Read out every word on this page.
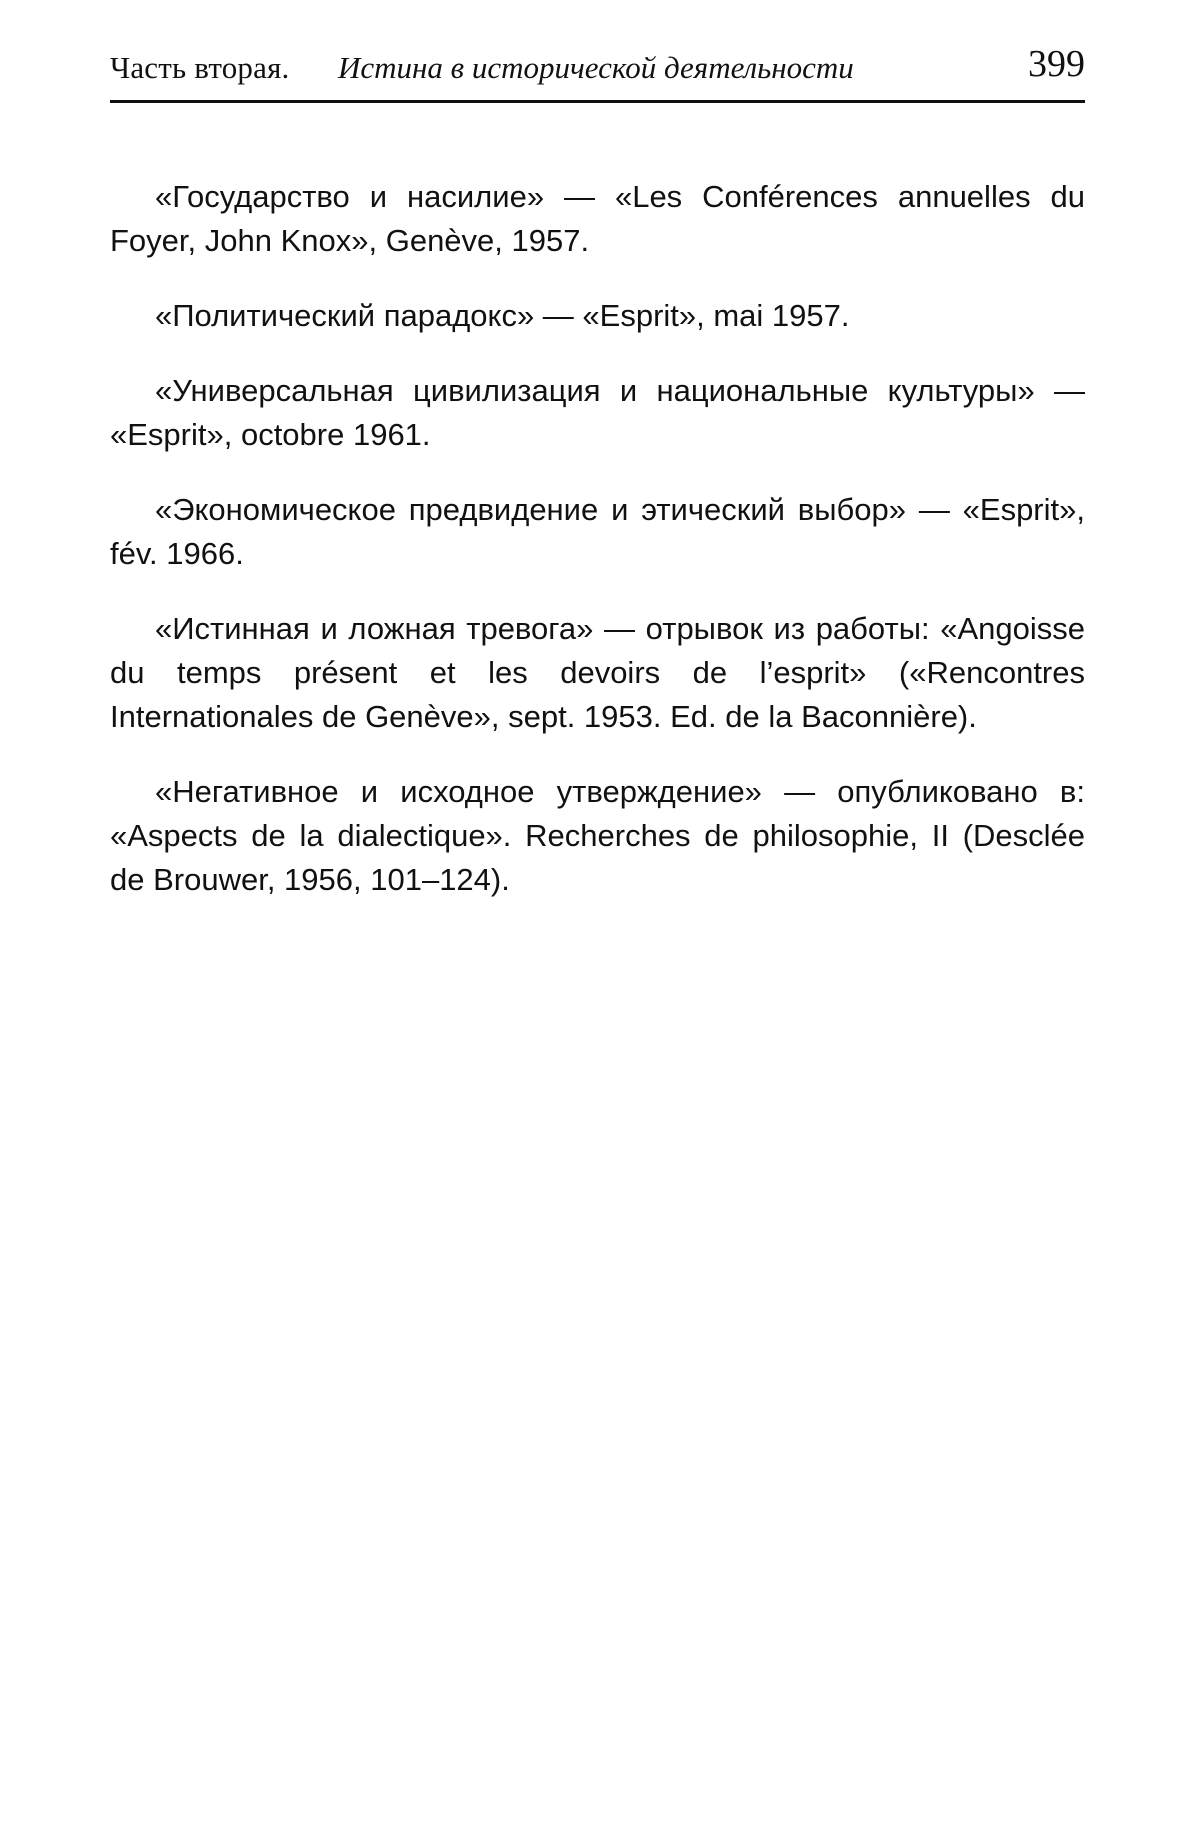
Часть вторая. Истина в исторической деятельности	399

«Государство и насилие» — «Les Conférences annuelles du Foyer, John Knox», Genève, 1957.

«Политический парадокс» — «Esprit», mai 1957.

«Универсальная цивилизация и национальные культуры» — «Esprit», octobre 1961.

«Экономическое предвидение и этический выбор» — «Esprit», fév. 1966.

«Истинная и ложная тревога» — отрывок из работы: «Angoisse du temps présent et les devoirs de l’esprit» («Rencontres Internationales de Genève», sept. 1953. Ed. de la Baconnière).

«Негативное и исходное утверждение» — опубликовано в: «Aspects de la dialectique». Recherches de philosophie, II (Desclée de Brouwer, 1956, 101–124).
